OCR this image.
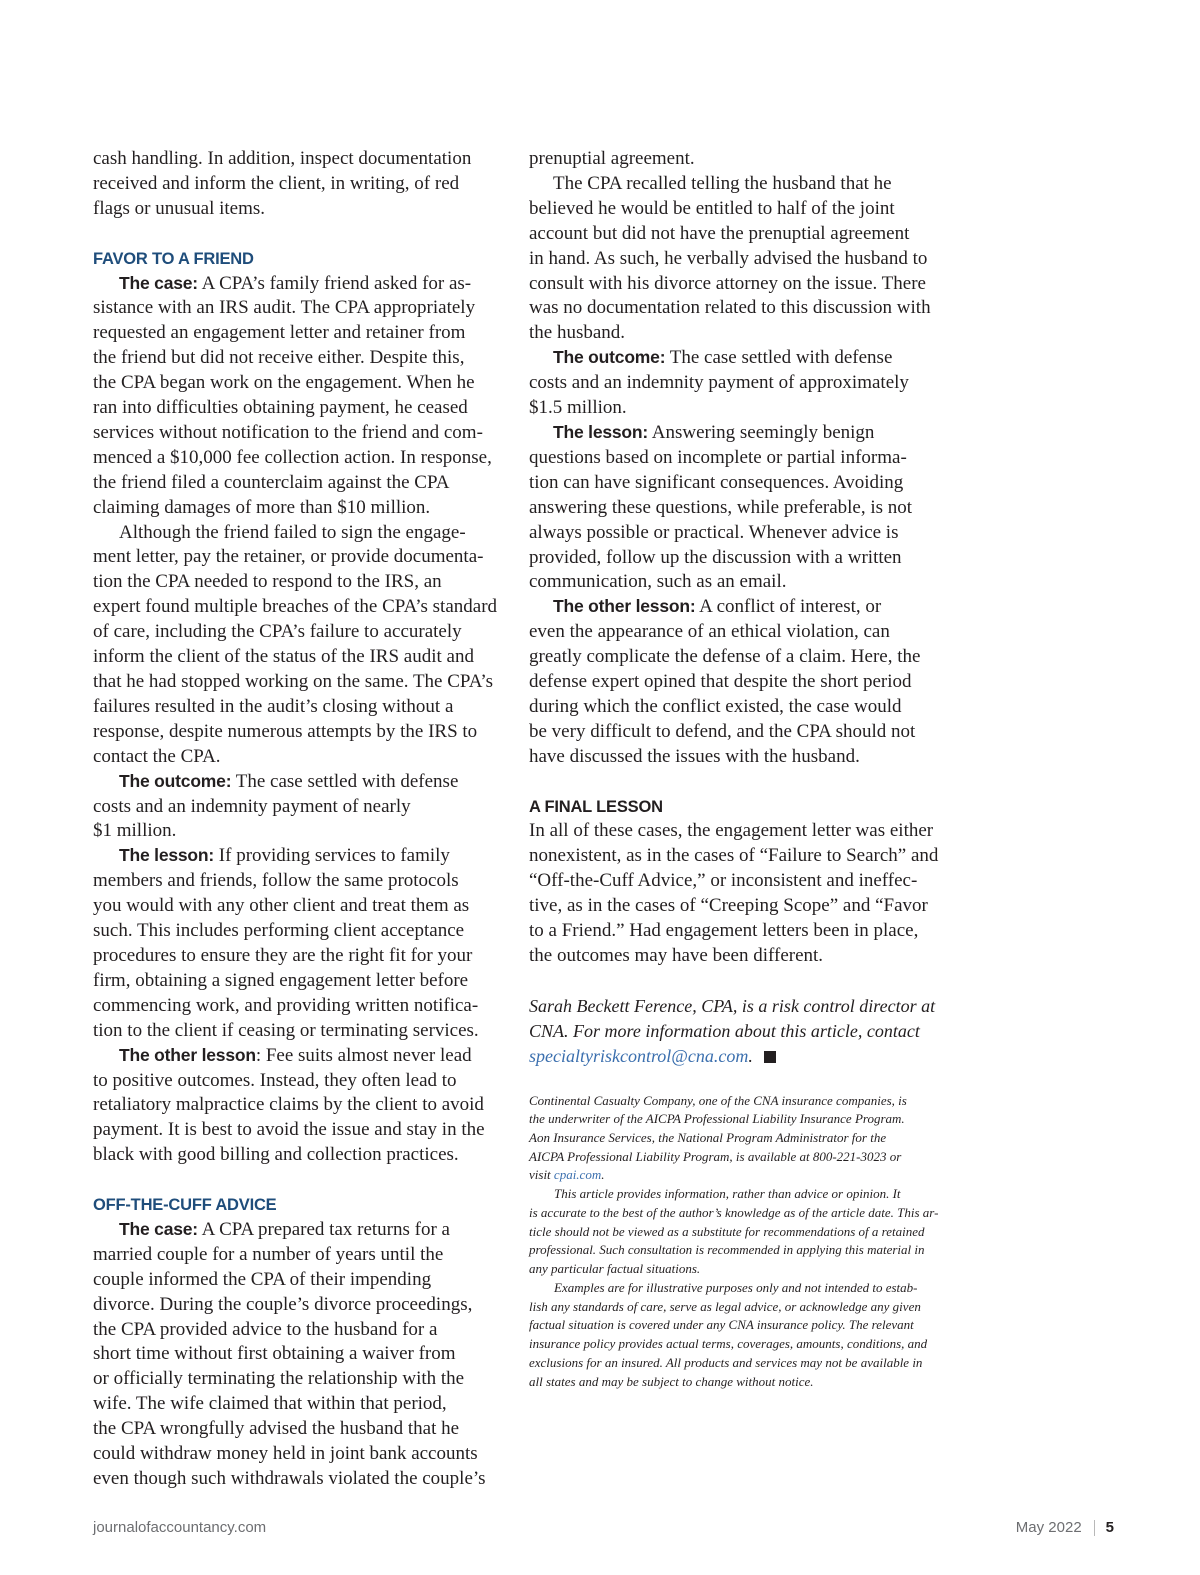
cash handling. In addition, inspect documentation
received and inform the client, in writing, of red
flags or unusual items.

FAVOR TO A FRIEND

The case: A CPA’s family friend asked for as-
sistance with an IRS audit. The CPA appropriately
requested an engagement letter and retainer from
the friend but did not receive either. Despite this,
the CPA began work on the engagement. When he
ran into difficulties obtaining payment, he ceased
services without notification to the friend and com-
menced a $10,000 fee collection action. In response,
the friend filed a counterclaim against the CPA
claiming damages of more than $10 million.

Although the friend failed to sign the engage-
ment letter, pay the retainer, or provide documenta-
tion the CPA needed to respond to the IRS, an
expert found multiple breaches of the CPA’s standard
of care, including the CPA’s failure to accurately
inform the client of the status of the IRS audit and
that he had stopped working on the same. The CPA’s
failures resulted in the audit’s closing without a
response, despite numerous attempts by the IRS to
contact the CPA.

The outcome: The case settled with defense
costs and an indemnity payment of nearly
$1 million.

The lesson: If providing services to family
members and friends, follow the same protocols
you would with any other client and treat them as
such. This includes performing client acceptance
procedures to ensure they are the right fit for your
firm, obtaining a signed engagement letter before
commencing work, and providing written notifica-
tion to the client if ceasing or terminating services.

The other lesson: Fee suits almost never lead
to positive outcomes. Instead, they often lead to
retaliatory malpractice claims by the client to avoid
payment. It is best to avoid the issue and stay in the
black with good billing and collection practices.

OFF-THE-CUFF ADVICE

The case: A CPA prepared tax returns for a
married couple for a number of years until the
couple informed the CPA of their impending
divorce. During the couple’s divorce proceedings,
the CPA provided advice to the husband for a
short time without first obtaining a waiver from
or officially terminating the relationship with the
wife. The wife claimed that within that period,
the CPA wrongfully advised the husband that he
could withdraw money held in joint bank accounts
even though such withdrawals violated the couple’s

prenuptial agreement.

The CPA recalled telling the husband that he
believed he would be entitled to half of the joint
account but did not have the prenuptial agreement
in hand. As such, he verbally advised the husband to
consult with his divorce attorney on the issue. There
was no documentation related to this discussion with
the husband.

The outcome: The case settled with defense
costs and an indemnity payment of approximately
$1.5 million.

The lesson: Answering seemingly benign
questions based on incomplete or partial informa-
tion can have significant consequences. Avoiding
answering these questions, while preferable, is not
always possible or practical. Whenever advice is
provided, follow up the discussion with a written
communication, such as an email.

The other lesson: A conflict of interest, or
even the appearance of an ethical violation, can
greatly complicate the defense of a claim. Here, the
defense expert opined that despite the short period
during which the conflict existed, the case would
be very difficult to defend, and the CPA should not
have discussed the issues with the husband.

A FINAL LESSON

In all of these cases, the engagement letter was either
nonexistent, as in the cases of “Failure to Search” and
“Off-the-Cuff Advice,” or inconsistent and ineffec-
tive, as in the cases of “Creeping Scope” and “Favor
to a Friend.” Had engagement letters been in place,
the outcomes may have been different.

Sarah Beckett Ference, CPA, is a risk control director at
CNA. For more information about this article, contact
specialtyriskcontrol@cna.com.

Continental Casualty Company, one of the CNA insurance companies, is
the underwriter of the AICPA Professional Liability Insurance Program.
Aon Insurance Services, the National Program Administrator for the
AICPA Professional Liability Program, is available at 800-221-3023 or
visit cpai.com.

This article provides information, rather than advice or opinion. It
is accurate to the best of the author’s knowledge as of the article date. This ar-
ticle should not be viewed as a substitute for recommendations of a retained
professional. Such consultation is recommended in applying this material in
any particular factual situations.

Examples are for illustrative purposes only and not intended to estab-
lish any standards of care, serve as legal advice, or acknowledge any given
factual situation is covered under any CNA insurance policy. The relevant
insurance policy provides actual terms, coverages, amounts, conditions, and
exclusions for an insured. All products and services may not be available in
all states and may be subject to change without notice.

journalofaccountancy.com	May 2022 5
